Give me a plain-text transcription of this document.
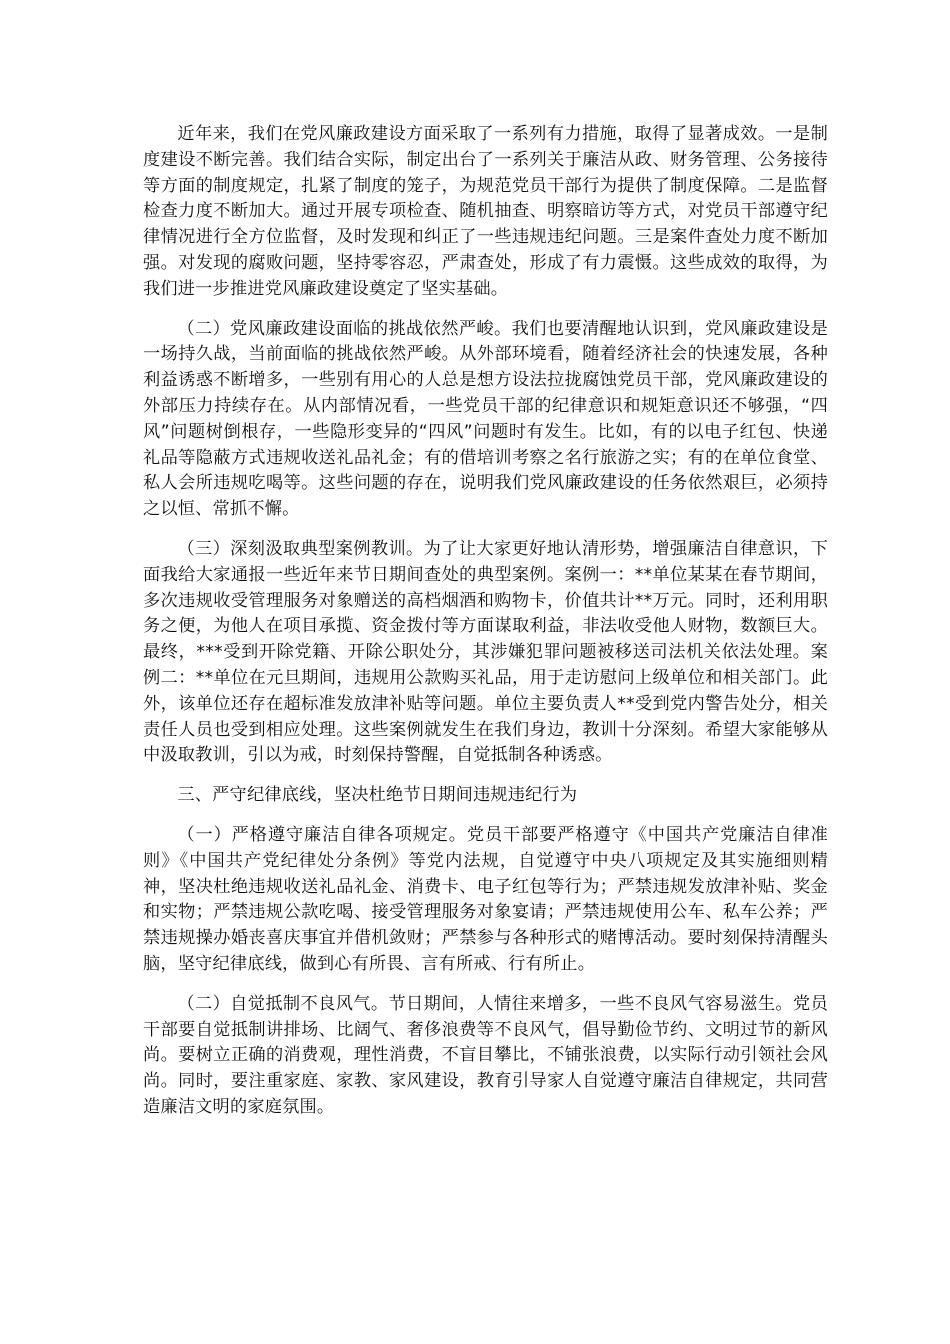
近年来，我们在党风廉政建设方面采取了一系列有力措施，取得了显著成效。一是制度建设不断完善。我们结合实际，制定出台了一系列关于廉洁从政、财务管理、公务接待等方面的制度规定，扎紧了制度的笼子，为规范党员干部行为提供了制度保障。二是监督检查力度不断加大。通过开展专项检查、随机抽查、明察暗访等方式，对党员干部遵守纪律情况进行全方位监督，及时发现和纠正了一些违规违纪问题。三是案件查处力度不断加强。对发现的腐败问题，坚持零容忍，严肃查处，形成了有力震慑。这些成效的取得，为我们进一步推进党风廉政建设奠定了坚实基础。

（二）党风廉政建设面临的挑战依然严峻。我们也要清醒地认识到，党风廉政建设是一场持久战，当前面临的挑战依然严峻。从外部环境看，随着经济社会的快速发展，各种利益诱惑不断增多，一些别有用心的人总是想方设法拉拢腐蚀党员干部，党风廉政建设的外部压力持续存在。从内部情况看，一些党员干部的纪律意识和规矩意识还不够强，“四风”问题树倒根存，一些隐形变异的“四风”问题时有发生。比如，有的以电子红包、快递礼品等隐蔽方式违规收送礼品礼金；有的借培训考察之名行旅游之实；有的在单位食堂、私人会所违规吃喝等。这些问题的存在，说明我们党风廉政建设的任务依然艰巨，必须持之以恒、常抓不懈。

（三）深刻汲取典型案例教训。为了让大家更好地认清形势，增强廉洁自律意识，下面我给大家通报一些近年来节日期间查处的典型案例。案例一：**单位某某在春节期间，多次违规收受管理服务对象赠送的高档烟酒和购物卡，价值共计**万元。同时，还利用职务之便，为他人在项目承揽、资金拨付等方面谋取利益，非法收受他人财物，数额巨大。最终，***受到开除党籍、开除公职处分，其涉嫌犯罪问题被移送司法机关依法处理。案例二：**单位在元旦期间，违规用公款购买礼品，用于走访慰问上级单位和相关部门。此外，该单位还存在超标准发放津补贴等问题。单位主要负责人**受到党内警告处分，相关责任人员也受到相应处理。这些案例就发生在我们身边，教训十分深刻。希望大家能够从中汲取教训，引以为戒，时刻保持警醒，自觉抵制各种诱惑。

三、严守纪律底线，坚决杜绝节日期间违规违纪行为

（一）严格遵守廉洁自律各项规定。党员干部要严格遵守《中国共产党廉洁自律准则》《中国共产党纪律处分条例》等党内法规，自觉遵守中央八项规定及其实施细则精神，坚决杜绝违规收送礼品礼金、消费卡、电子红包等行为；严禁违规发放津补贴、奖金和实物；严禁违规公款吃喝、接受管理服务对象宴请；严禁违规使用公车、私车公养；严禁违规操办婚丧喜庆事宜并借机敛财；严禁参与各种形式的赌博活动。要时刻保持清醒头脑，坚守纪律底线，做到心有所畏、言有所戒、行有所止。

（二）自觉抵制不良风气。节日期间，人情往来增多，一些不良风气容易滋生。党员干部要自觉抵制讲排场、比阔气、奢侈浪费等不良风气，倡导勤俭节约、文明过节的新风尚。要树立正确的消费观，理性消费，不盲目攀比，不铺张浪费，以实际行动引领社会风尚。同时，要注重家庭、家教、家风建设，教育引导家人自觉遵守廉洁自律规定，共同营造廉洁文明的家庭氛围。
